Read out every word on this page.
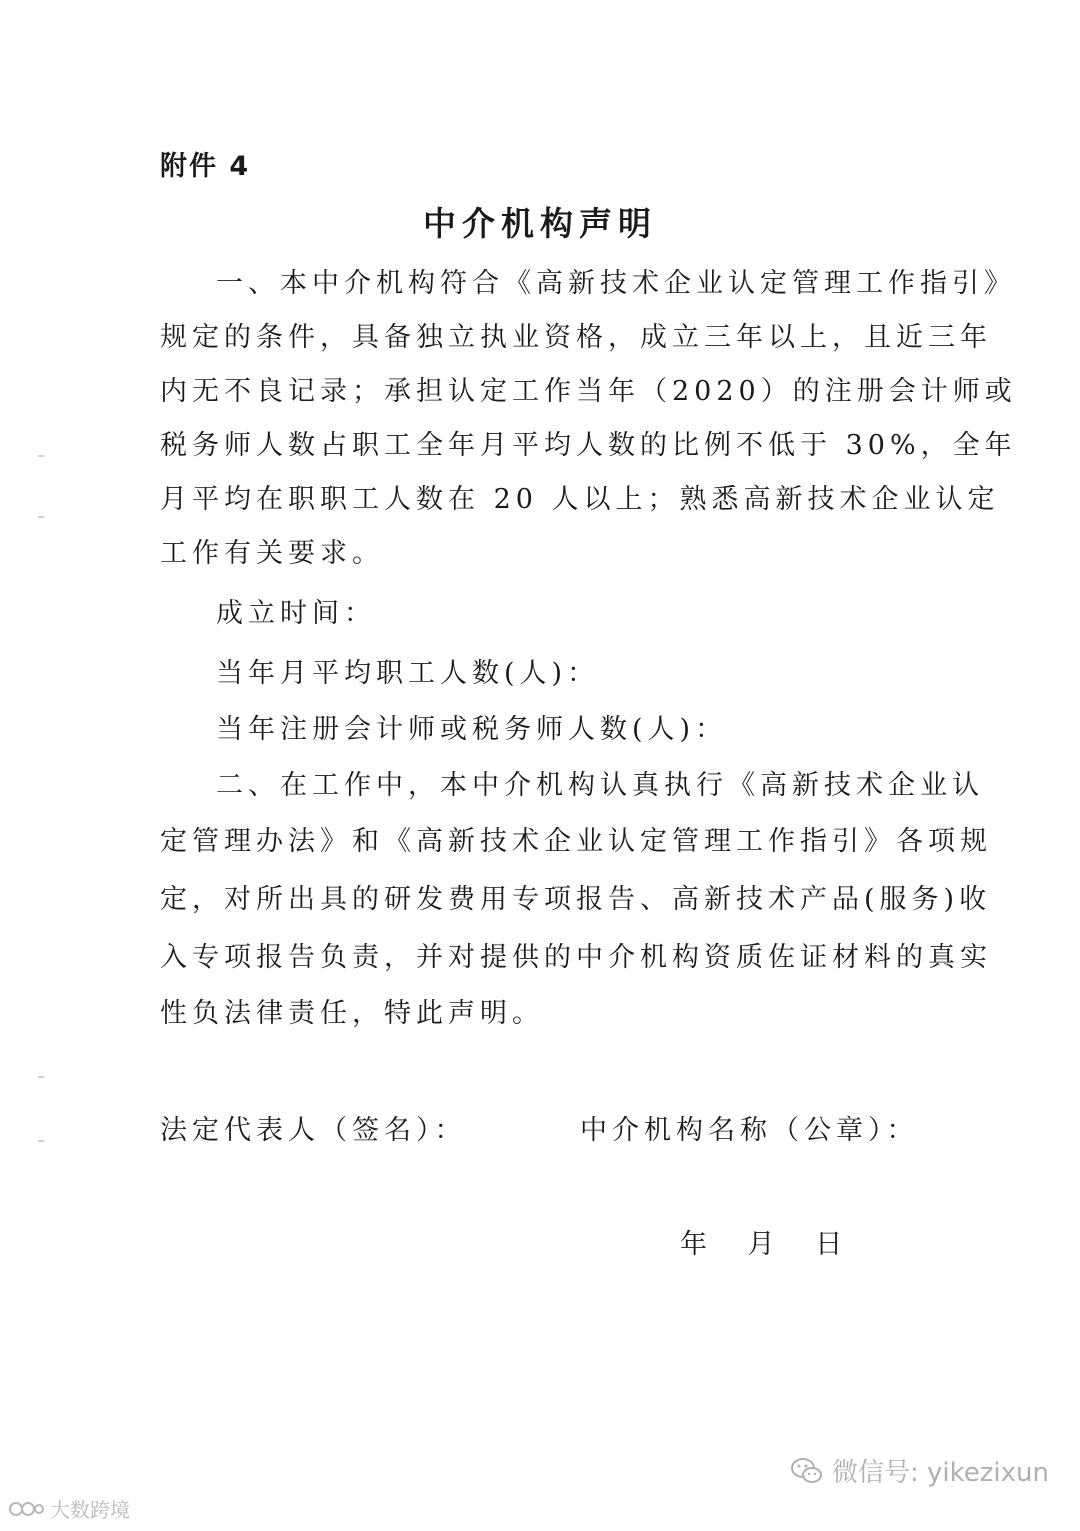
附件 4
中介机构声明
一、本中介机构符合《高新技术企业认定管理工作指引》
规定的条件，具备独立执业资格，成立三年以上，且近三年
内无不良记录；承担认定工作当年（2020）的注册会计师或
税务师人数占职工全年月平均人数的比例不低于 30%，全年
月平均在职职工人数在 20 人以上；熟悉高新技术企业认定
工作有关要求。
成立时间：
当年月平均职工人数(人)：
当年注册会计师或税务师人数(人)：
二、在工作中，本中介机构认真执行《高新技术企业认
定管理办法》和《高新技术企业认定管理工作指引》各项规
定，对所出具的研发费用专项报告、高新技术产品(服务)收
入专项报告负责，并对提供的中介机构资质佐证材料的真实
性负法律责任，特此声明。
法定代表人（签名）：	中介机构名称（公章）：
年 月 日
大数跨境
微信号: yikezixun
